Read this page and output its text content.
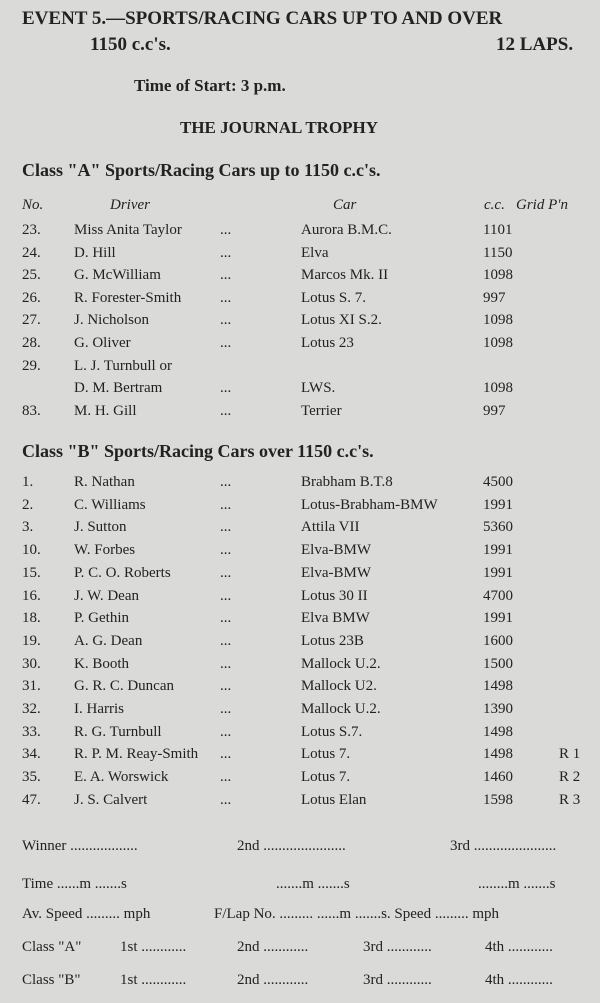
EVENT 5.—SPORTS/RACING CARS UP TO AND OVER
1150 c.c's.	12 LAPS.
Time of Start: 3 p.m.
THE JOURNAL TROPHY
Class "A" Sports/Racing Cars up to 1150 c.c's.
No.	Driver	Car	c.c. Grid P'n
23. Miss Anita Taylor	...	Aurora B.M.C.	1101
24. D. Hill	...	Elva	1150
25. G. McWilliam	...	Marcos Mk. II	1098
26. R. Forester-Smith	...	Lotus S. 7.	997
27. J. Nicholson	...	Lotus XI S.2.	1098
28. G. Oliver	...	Lotus 23	1098
29. L. J. Turnbull or
D. M. Bertram	...	LWS.	1098
83. M. H. Gill	...	Terrier	997
Class "B" Sports/Racing Cars over 1150 c.c's.
1.	R. Nathan	...	Brabham B.T.8	4500
2.	C. Williams	...	Lotus-Brabham-BMW	1991
3.	J. Sutton	...	Attila VII	5360
10. W. Forbes	...	Elva-BMW	1991
15. P. C. O. Roberts	...	Elva-BMW	1991
16. J. W. Dean	...	Lotus 30 II	4700
18. P. Gethin	...	Elva BMW	1991
19. A. G. Dean	...	Lotus 23B	1600
30. K. Booth	...	Mallock U.2.	1500
31. G. R. C. Duncan	...	Mallock U2.	1498
32. I. Harris	...	Mallock U.2.	1390
33. R. G. Turnbull	...	Lotus S.7.	1498
34. R. P. M. Reay-Smith ...	Lotus 7.	1498	R 1
35. E. A. Worswick	...	Lotus 7.	1460	R 2
47. J. S. Calvert	...	Lotus Elan	1598	R 3
Winner ..................	2nd ......................	3rd ......................
Time ......m .......s	.......m .......s	........m .......s
Av. Speed ......... mph	F/Lap No. ......... ......m .......s. Speed ......... mph
Class "A"	1st ............	2nd ............	3rd ............	4th ............
Class "B"	1st ............	2nd ............	3rd ............	4th ............
